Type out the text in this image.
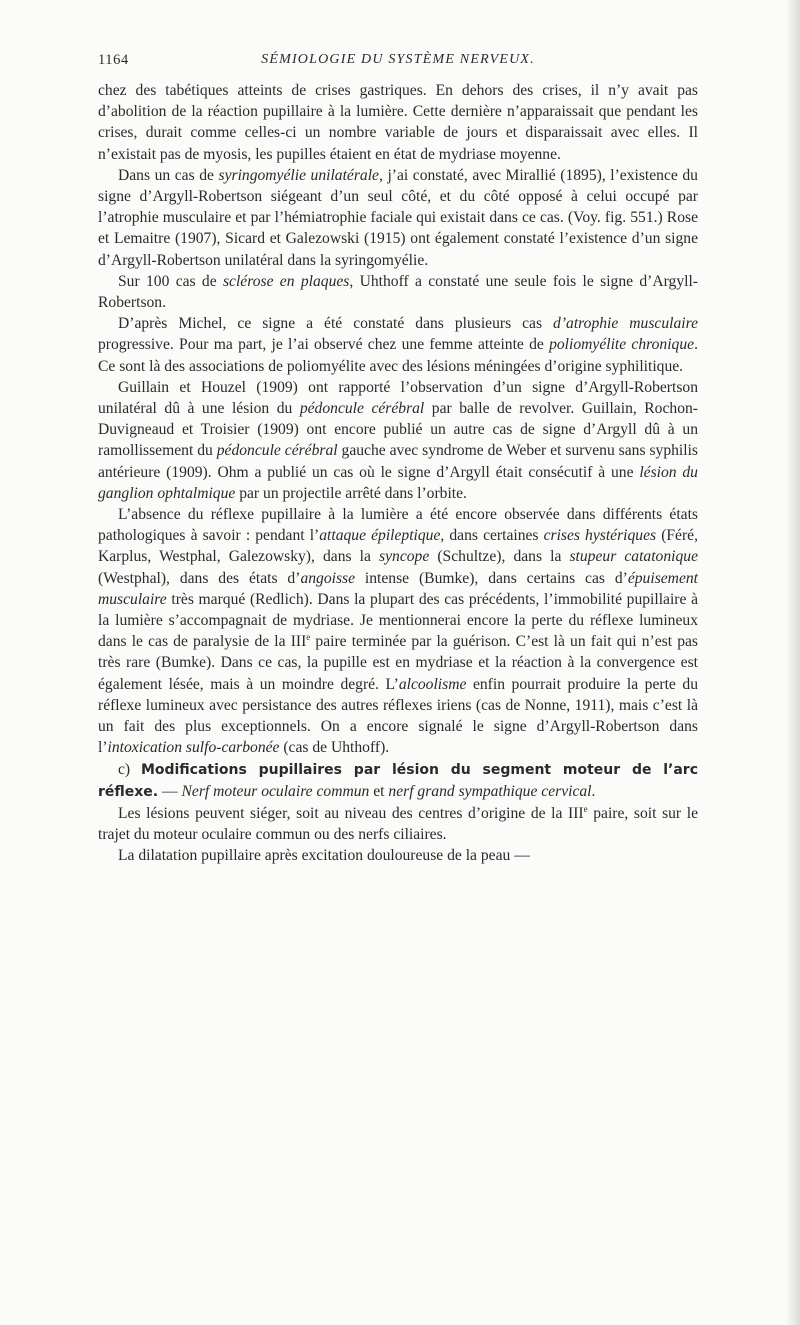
1164	SÉMIOLOGIE DU SYSTÈME NERVEUX.

chez des tabétiques atteints de crises gastriques. En dehors des crises, il n’y avait pas d’abolition de la réaction pupillaire à la lumière. Cette dernière n’apparaissait que pendant les crises, durait comme celles-ci un nombre variable de jours et disparaissait avec elles. Il n’existait pas de myosis, les pupilles étaient en état de mydriase moyenne.

Dans un cas de syringomyélie unilatérale, j’ai constaté, avec Mirallié (1895), l’existence du signe d’Argyll-Robertson siégeant d’un seul côté, et du côté opposé à celui occupé par l’atrophie musculaire et par l’hémiatrophie faciale qui existait dans ce cas. (Voy. fig. 551.) Rose et Lemaitre (1907), Sicard et Galezowski (1915) ont également constaté l’existence d’un signe d’Argyll-Robertson unilatéral dans la syringomyélie.

Sur 100 cas de sclérose en plaques, Uhthoff a constaté une seule fois le signe d’Argyll-Robertson.

D’après Michel, ce signe a été constaté dans plusieurs cas d’atrophie musculaire progressive. Pour ma part, je l’ai observé chez une femme atteinte de poliomyélite chronique. Ce sont là des associations de poliomyélite avec des lésions méningées d’origine syphilitique.

Guillain et Houzel (1909) ont rapporté l’observation d’un signe d’Argyll-Robertson unilatéral dû à une lésion du pédoncule cérébral par balle de revolver. Guillain, Rochon-Duvigneaud et Troisier (1909) ont encore publié un autre cas de signe d’Argyll dû à un ramollissement du pédoncule cérébral gauche avec syndrome de Weber et survenu sans syphilis antérieure (1909). Ohm a publié un cas où le signe d’Argyll était consécutif à une lésion du ganglion ophtalmique par un projectile arrêté dans l’orbite.

L’absence du réflexe pupillaire à la lumière a été encore observée dans différents états pathologiques à savoir : pendant l’attaque épileptique, dans certaines crises hystériques (Féré, Karplus, Westphal, Galezowsky), dans la syncope (Schultze), dans la stupeur catatonique (Westphal), dans des états d’angoisse intense (Bumke), dans certains cas d’épuisement musculaire très marqué (Redlich). Dans la plupart des cas précédents, l’immobilité pupillaire à la lumière s’accompagnait de mydriase. Je mentionnerai encore la perte du réflexe lumineux dans le cas de paralysie de la IIIe paire terminée par la guérison. C’est là un fait qui n’est pas très rare (Bumke). Dans ce cas, la pupille est en mydriase et la réaction à la convergence est également lésée, mais à un moindre degré. L’alcoolisme enfin pourrait produire la perte du réflexe lumineux avec persistance des autres réflexes iriens (cas de Nonne, 1911), mais c’est là un fait des plus exceptionnels. On a encore signalé le signe d’Argyll-Robertson dans l’intoxication sulfo-carbonée (cas de Uhthoff).

c) Modifications pupillaires par lésion du segment moteur de l’arc réflexe. — Nerf moteur oculaire commun et nerf grand sympathique cervical.

Les lésions peuvent siéger, soit au niveau des centres d’origine de la IIIe paire, soit sur le trajet du moteur oculaire commun ou des nerfs ciliaires.

La dilatation pupillaire après excitation douloureuse de la peau —
